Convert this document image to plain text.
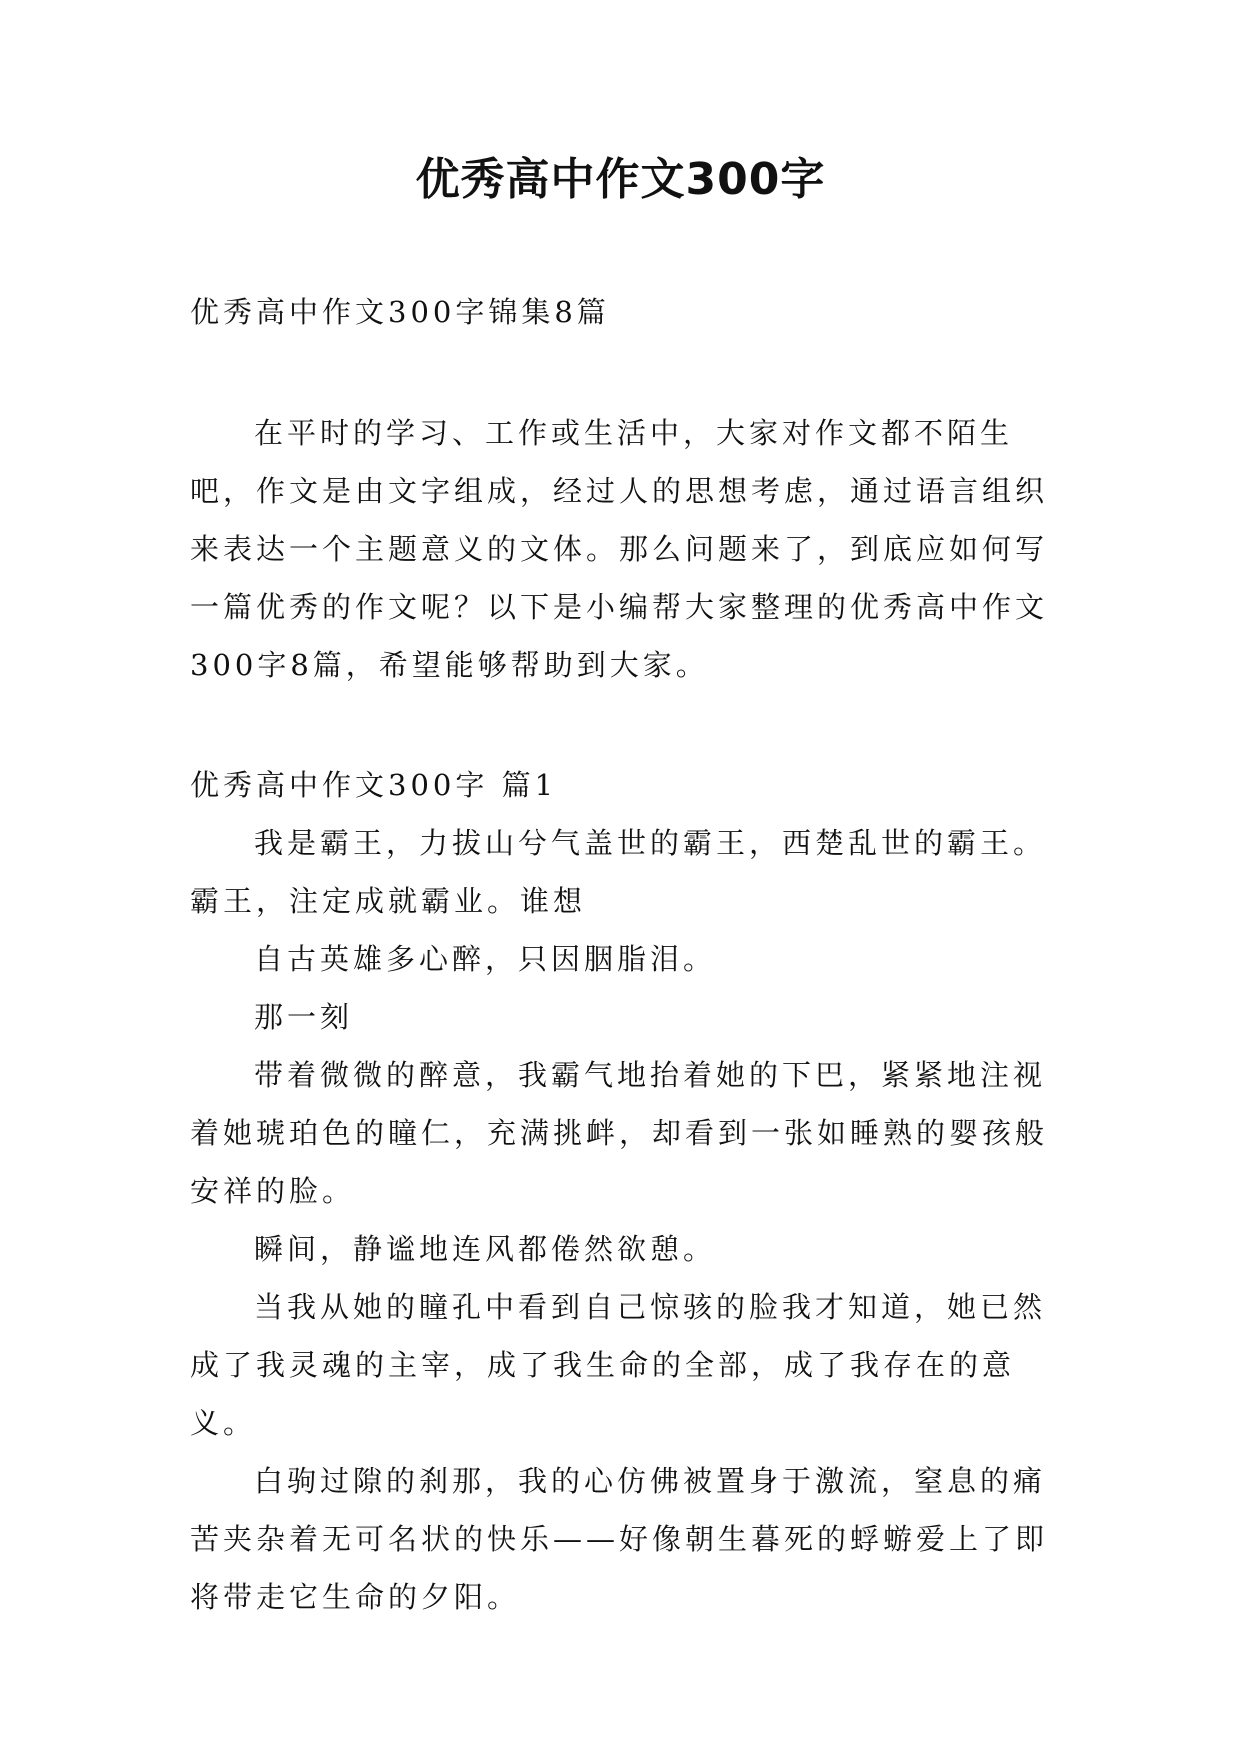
优秀高中作文300字
优秀高中作文300字锦集8篇

在平时的学习、工作或生活中，大家对作文都不陌生吧，作文是由文字组成，经过人的思想考虑，通过语言组织来表达一个主题意义的文体。那么问题来了，到底应如何写一篇优秀的作文呢？以下是小编帮大家整理的优秀高中作文300字8篇，希望能够帮助到大家。

优秀高中作文300字 篇1

我是霸王，力拔山兮气盖世的霸王，西楚乱世的霸王。霸王，注定成就霸业。谁想

自古英雄多心醉，只因胭脂泪。

那一刻

带着微微的醉意，我霸气地抬着她的下巴，紧紧地注视着她琥珀色的瞳仁，充满挑衅，却看到一张如睡熟的婴孩般安祥的脸。

瞬间，静谧地连风都倦然欲憩。

当我从她的瞳孔中看到自己惊骇的脸我才知道，她已然成了我灵魂的主宰，成了我生命的全部，成了我存在的意义。

白驹过隙的刹那，我的心仿佛被置身于激流，窒息的痛苦夹杂着无可名状的快乐——好像朝生暮死的蜉蝣爱上了即将带走它生命的夕阳。
